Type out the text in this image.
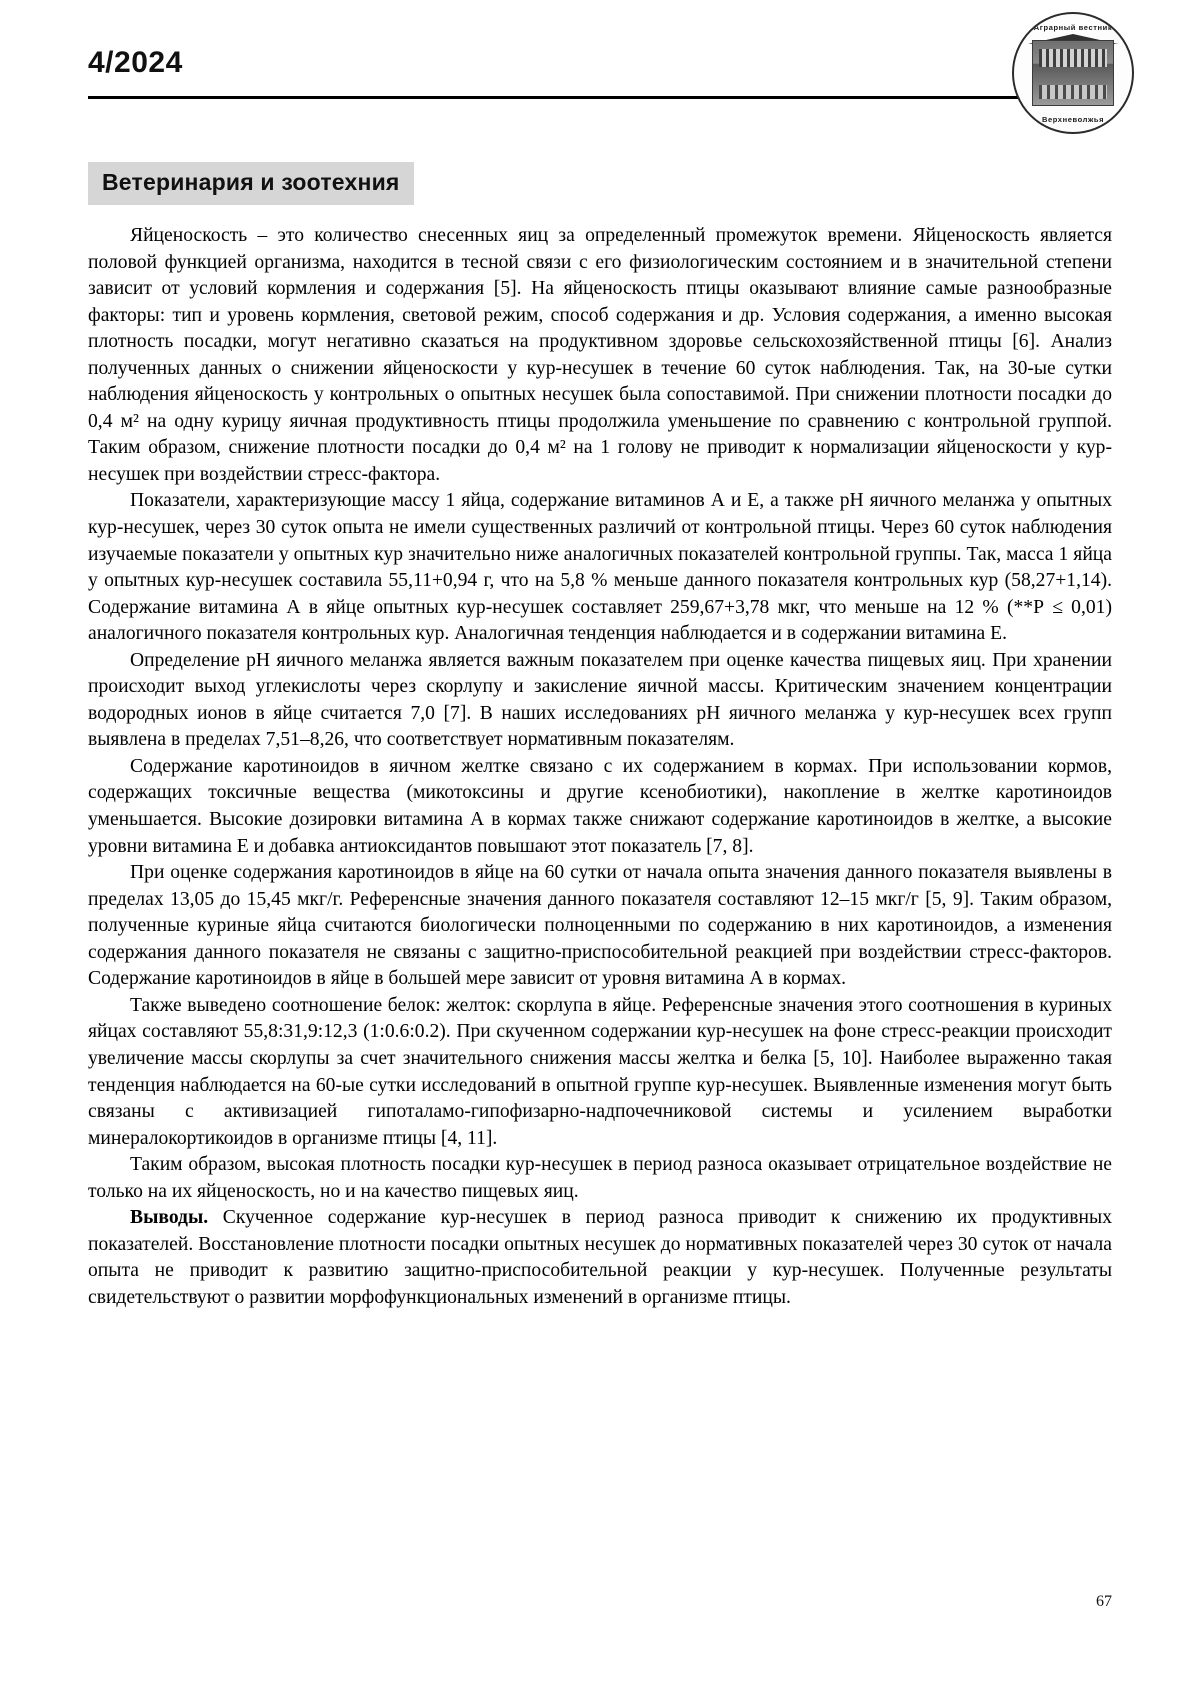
4/2024
Аграрный вестник
Верхневолжья
Ветеринария и зоотехния

Яйценоскость – это количество снесенных яиц за определенный промежуток времени. Яйценоскость является половой функцией организма, находится в тесной связи с его физиологическим состоянием и в значительной степени зависит от условий кормления и содержания [5]. На яйценоскость птицы оказывают влияние самые разнообразные факторы: тип и уровень кормления, световой режим, способ содержания и др. Условия содержания, а именно высокая плотность посадки, могут негативно сказаться на продуктивном здоровье сельскохозяйственной птицы [6]. Анализ полученных данных о снижении яйценоскости у кур-несушек в течение 60 суток наблюдения. Так, на 30-ые сутки наблюдения яйценоскость у контрольных о опытных несушек была сопоставимой. При снижении плотности посадки до 0,4 м² на одну курицу яичная продуктивность птицы продолжила уменьшение по сравнению с контрольной группой. Таким образом, снижение плотности посадки до 0,4 м² на 1 голову не приводит к нормализации яйценоскости у кур-несушек при воздействии стресс-фактора.

Показатели, характеризующие массу 1 яйца, содержание витаминов А и Е, а также рН яичного меланжа у опытных кур-несушек, через 30 суток опыта не имели существенных различий от контрольной птицы. Через 60 суток наблюдения изучаемые показатели у опытных кур значительно ниже аналогичных показателей контрольной группы. Так, масса 1 яйца у опытных кур-несушек составила 55,11+0,94 г, что на 5,8 % меньше данного показателя контрольных кур (58,27+1,14). Содержание витамина А в яйце опытных кур-несушек составляет 259,67+3,78 мкг, что меньше на 12 % (**Р ≤ 0,01) аналогичного показателя контрольных кур. Аналогичная тенденция наблюдается и в содержании витамина Е.

Определение рН яичного меланжа является важным показателем при оценке качества пищевых яиц. При хранении происходит выход углекислоты через скорлупу и закисление яичной массы. Критическим значением концентрации водородных ионов в яйце считается 7,0 [7]. В наших исследованиях рН яичного меланжа у кур-несушек всех групп выявлена в пределах 7,51–8,26, что соответствует нормативным показателям.

Содержание каротиноидов в яичном желтке связано с их содержанием в кормах. При использовании кормов, содержащих токсичные вещества (микотоксины и другие ксенобиотики), накопление в желтке каротиноидов уменьшается. Высокие дозировки витамина А в кормах также снижают содержание каротиноидов в желтке, а высокие уровни витамина Е и добавка антиоксидантов повышают этот показатель [7, 8].

При оценке содержания каротиноидов в яйце на 60 сутки от начала опыта значения данного показателя выявлены в пределах 13,05 до 15,45 мкг/г. Референсные значения данного показателя составляют 12–15 мкг/г [5, 9]. Таким образом, полученные куриные яйца считаются биологически полноценными по содержанию в них каротиноидов, а изменения содержания данного показателя не связаны с защитно-приспособительной реакцией при воздействии стресс-факторов. Содержание каротиноидов в яйце в большей мере зависит от уровня витамина А в кормах.

Также выведено соотношение белок: желток: скорлупа в яйце. Референсные значения этого соотношения в куриных яйцах составляют 55,8:31,9:12,3 (1:0.6:0.2). При скученном содержании кур-несушек на фоне стресс-реакции происходит увеличение массы скорлупы за счет значительного снижения массы желтка и белка [5, 10]. Наиболее выраженно такая тенденция наблюдается на 60-ые сутки исследований в опытной группе кур-несушек. Выявленные изменения могут быть связаны с активизацией гипоталамо-гипофизарно-надпочечниковой системы и усилением выработки минералокортикоидов в организме птицы [4, 11].

Таким образом, высокая плотность посадки кур-несушек в период разноса оказывает отрицательное воздействие не только на их яйценоскость, но и на качество пищевых яиц.

Выводы. Скученное содержание кур-несушек в период разноса приводит к снижению их продуктивных показателей. Восстановление плотности посадки опытных несушек до нормативных показателей через 30 суток от начала опыта не приводит к развитию защитно-приспособительной реакции у кур-несушек. Полученные результаты свидетельствуют о развитии морфофункциональных изменений в организме птицы.

67
